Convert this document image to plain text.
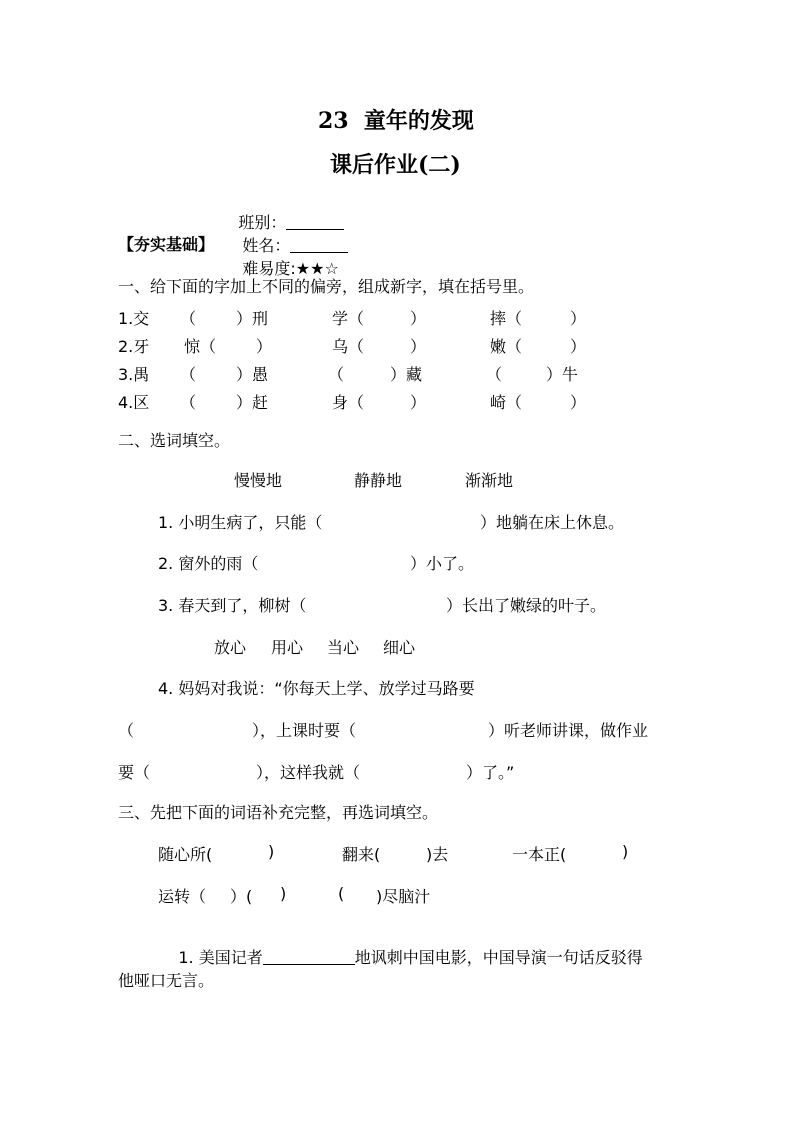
23  童年的发现
课后作业(二)

班别：
姓名：
难易度:★★☆

【夯实基础】
一、给下面的字加上不同的偏旁，组成新字，填在括号里。
1.交 （ ）刑	学（	）	摔（	）
2.牙 惊（ ）	乌（	）	嫩（	）
3.禺 （ ）愚	（	）藏	（	）牛
4.区 （ ）赶	身（	）	崎（	）
二、选词填空。
慢慢地	静静地	渐渐地
1. 小明生病了，只能（	）地躺在床上休息。
2. 窗外的雨（	）小了。
3. 春天到了，柳树（	）长出了嫩绿的叶子。
放心 用心 当心 细心
4. 妈妈对我说：“你每天上学、放学过马路要
（	），上课时要（	）听老师讲课，做作业
要（	），这样我就（	）了。”
三、先把下面的词语补充完整，再选词填空。
随心所(	)	翻来(	)去	一本正(	)
运转（ ）( )	( )尽脑汁

1. 美国记者	地讽刺中国电影，中国导演一句话反驳得

他哑口无言。
